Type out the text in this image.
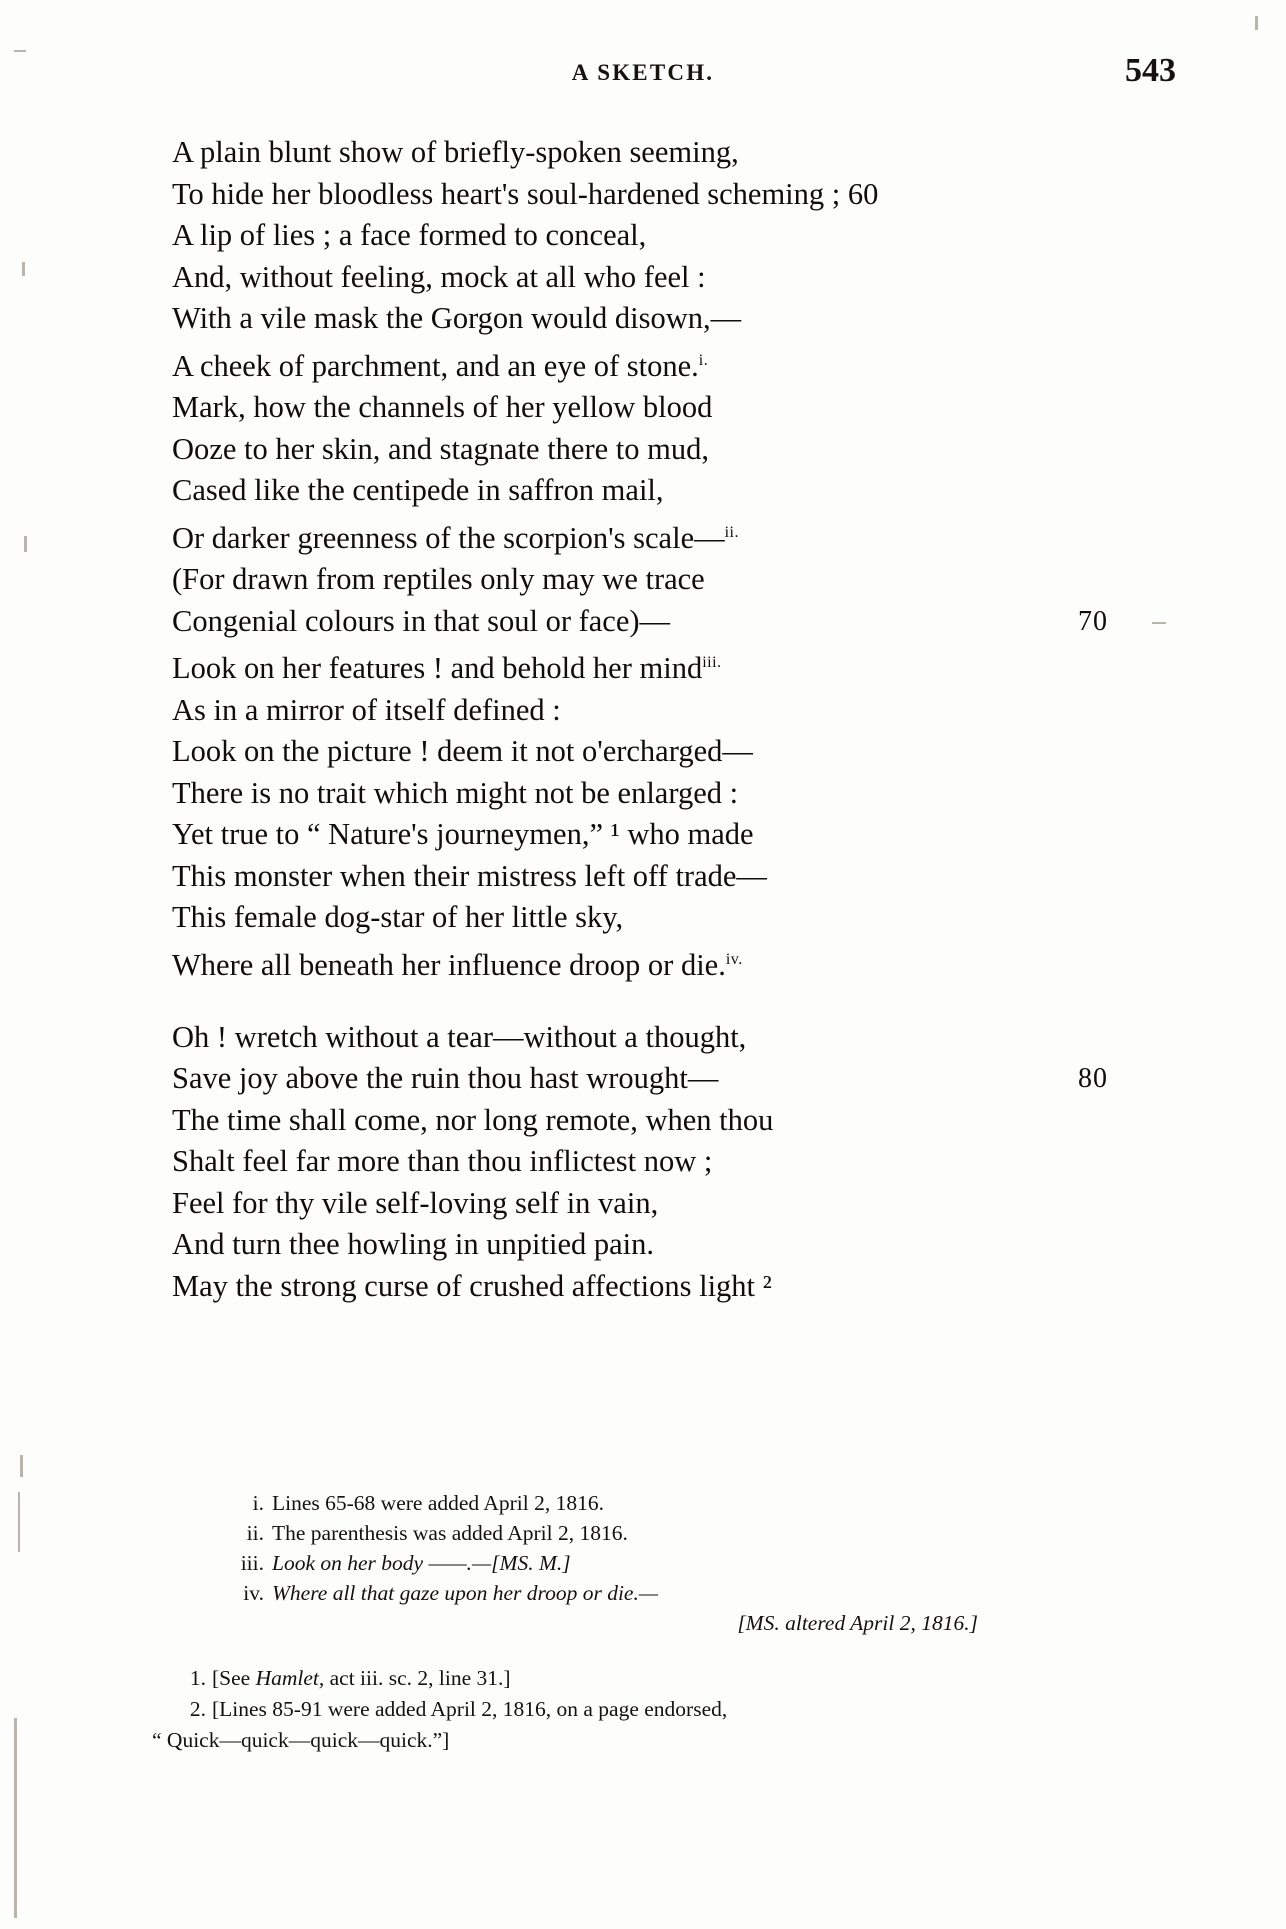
A SKETCH.	543
A plain blunt show of briefly-spoken seeming,
To hide her bloodless heart's soul-hardened scheming ; 60
A lip of lies ; a face formed to conceal,
And, without feeling, mock at all who feel :
With a vile mask the Gorgon would disown,—
A cheek of parchment, and an eye of stone.$^{i.}$
Mark, how the channels of her yellow blood
Ooze to her skin, and stagnate there to mud,
Cased like the centipede in saffron mail,
Or darker greenness of the scorpion's scale—$^{ii.}$
(For drawn from reptiles only may we trace
Congenial colours in that soul or face)—	70
Look on her features ! and behold her mind$^{iii.}$
As in a mirror of itself defined :
Look on the picture ! deem it not o'ercharged—
There is no trait which might not be enlarged :
Yet true to “ Nature's journeymen,” ¹ who made
This monster when their mistress left off trade—
This female dog-star of her little sky,
Where all beneath her influence droop or die.$^{iv.}$
Oh ! wretch without a tear—without a thought,
Save joy above the ruin thou hast wrought—	80
The time shall come, nor long remote, when thou
Shalt feel far more than thou inflictest now ;
Feel for thy vile self-loving self in vain,
And turn thee howling in unpitied pain.
May the strong curse of crushed affections light ²
i. Lines 65-68 were added April 2, 1816.
ii. The parenthesis was added April 2, 1816.
iii. Look on her body ——.—[MS. M.]
iv. Where all that gaze upon her droop or die.—
[MS. altered April 2, 1816.]
1. [See Hamlet, act iii. sc. 2, line 31.]
2. [Lines 85-91 were added April 2, 1816, on a page endorsed,
“ Quick—quick—quick—quick.”]
